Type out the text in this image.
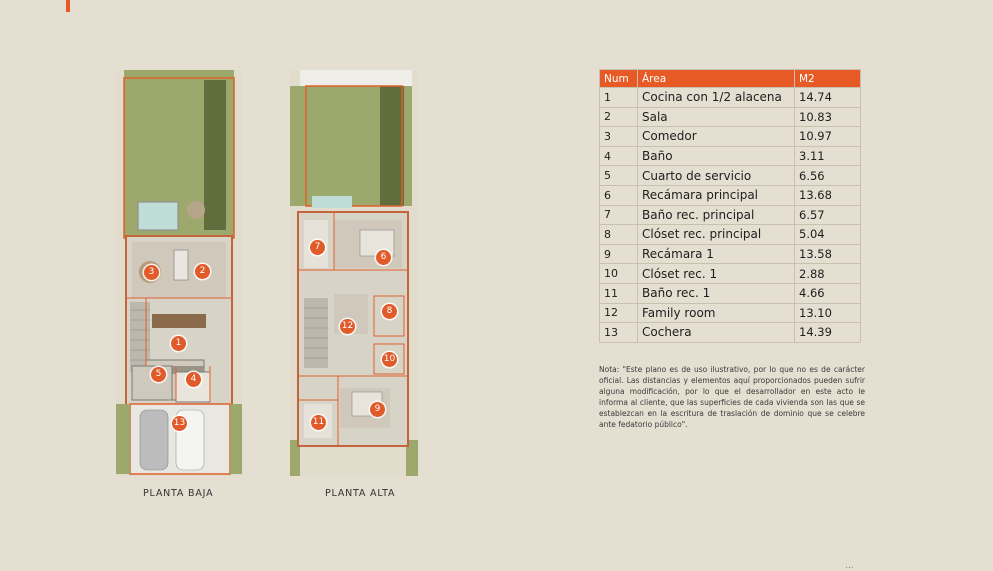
3	2
1
5	4
13
PLANTA BAJA
7
6
12
8
10
9
11
PLANTA ALTA
Num	Área	M2
1	Cocina con 1/2 alacena	14.74
2	Sala	10.83
3	Comedor	10.97
4	Baño	3.11
5	Cuarto de servicio	6.56
6	Recámara principal	13.68
7	Baño rec. principal	6.57
8	Clóset rec. principal	5.04
9	Recámara 1	13.58
10	Clóset rec. 1	2.88
11	Baño rec. 1	4.66
12	Family room	13.10
13	Cochera	14.39
Nota: "Este plano es de uso ilustrativo, por lo que no es de carácter oficial. Las distancias y elementos aquí proporcionados pueden sufrir alguna modificación, por lo que el desarrollador en este acto le informa al cliente, que las superficies de cada vivienda son las que se establezcan en la escritura de traslación de dominio que se celebre ante fedatorio público".
...
